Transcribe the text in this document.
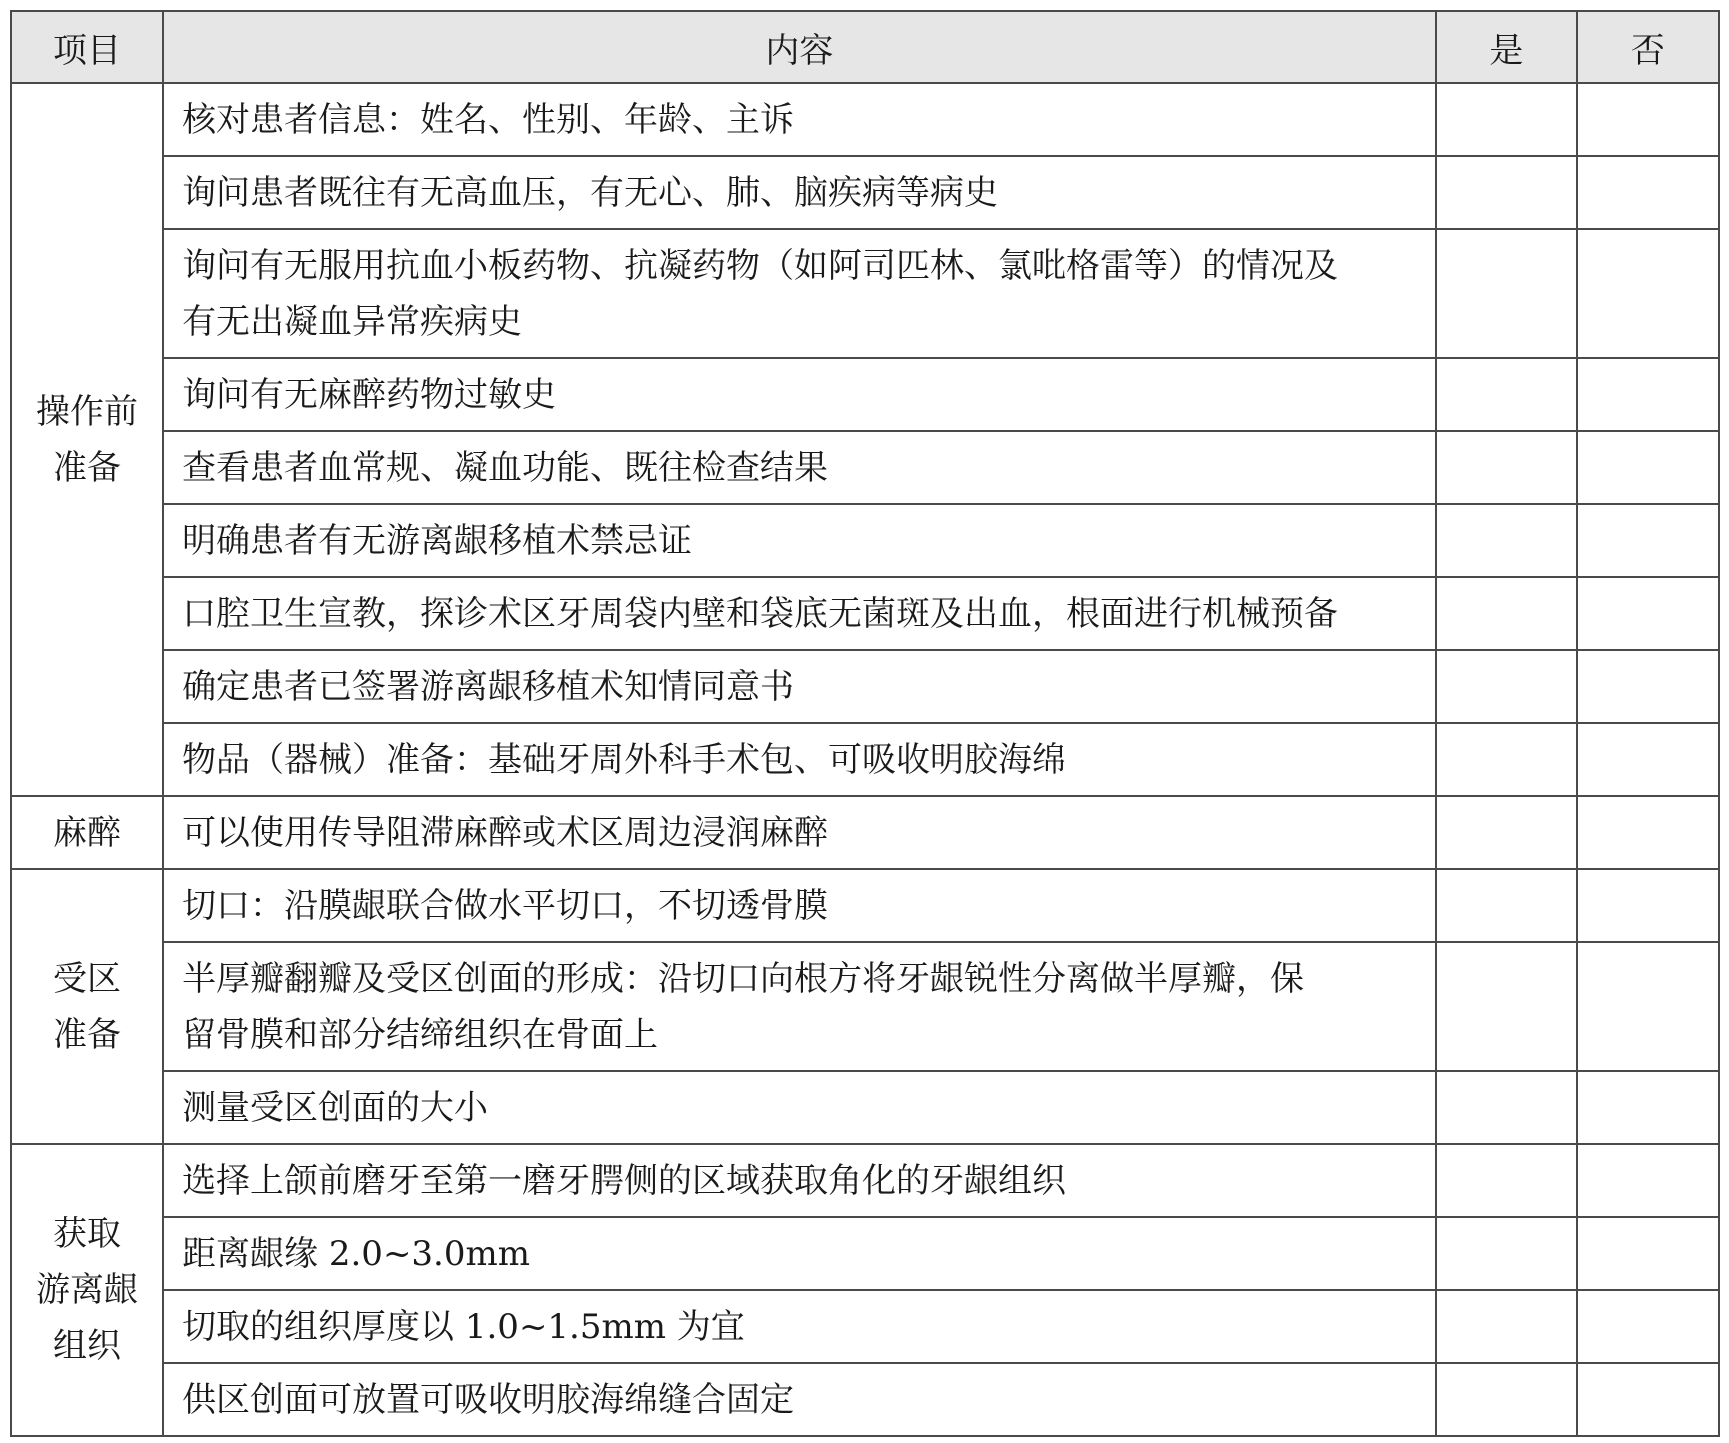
项目	内容	是	否

操作前
准备	核对患者信息：姓名、性别、年龄、主诉		

	询问患者既往有无高血压，有无心、肺、脑疾病等病史		

	询问有无服用抗血小板药物、抗凝药物（如阿司匹林、氯吡格雷等）的情况及
有无出凝血异常疾病史		

	询问有无麻醉药物过敏史		

	查看患者血常规、凝血功能、既往检查结果		

	明确患者有无游离龈移植术禁忌证		

	口腔卫生宣教，探诊术区牙周袋内壁和袋底无菌斑及出血，根面进行机械预备		

	确定患者已签署游离龈移植术知情同意书		

	物品（器械）准备：基础牙周外科手术包、可吸收明胶海绵		

麻醉	可以使用传导阻滞麻醉或术区周边浸润麻醉		

受区
准备	切口：沿膜龈联合做水平切口，不切透骨膜		

	半厚瓣翻瓣及受区创面的形成：沿切口向根方将牙龈锐性分离做半厚瓣，保
留骨膜和部分结缔组织在骨面上		

	测量受区创面的大小		

获取
游离龈
组织	选择上颌前磨牙至第一磨牙腭侧的区域获取角化的牙龈组织		

	距离龈缘 2.0~3.0mm		

	切取的组织厚度以 1.0~1.5mm 为宜		

	供区创面可放置可吸收明胶海绵缝合固定		
